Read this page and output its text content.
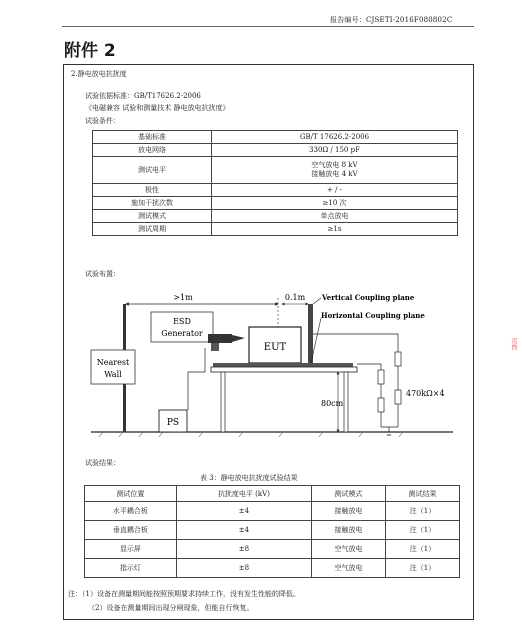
报告编号：CJSETI-2016F080802C
附件 2
页热
2.静电放电抗扰度
试验依据标准：GB/T17626.2-2006
《电磁兼容 试验和测量技术 静电放电抗扰度》
试验条件：
基础标准	GB/T 17626.2-2006
放电网络	330Ω / 150 pF
测试电平	空气放电 8 kV
接触放电 4 kV

极性	+ / -
施加干扰次数	≥10 次
测试模式	单点放电
测试周期	≥1s
试验布置：
Nearest
Wall
>1m
ESD
Generator
EUT
0.1m Vertical Coupling plane
Horizontal Coupling plane
80cm
470kΩ×4
PS
试验结果：
表 3：静电放电抗扰度试验结果
测试位置	抗扰度电平 (kV)	测试模式	测试结果
水平耦合板	±4	接触放电	注（1）
垂直耦合板	±4	接触放电	注（1）
显示屏	±8	空气放电	注（1）
指示灯	±8	空气放电	注（1）
注：（1）设备在测量期间能按照预期要求持续工作，没有发生性能的降低。
（2）设备在测量期间出现分闸现象，但能自行恢复。
